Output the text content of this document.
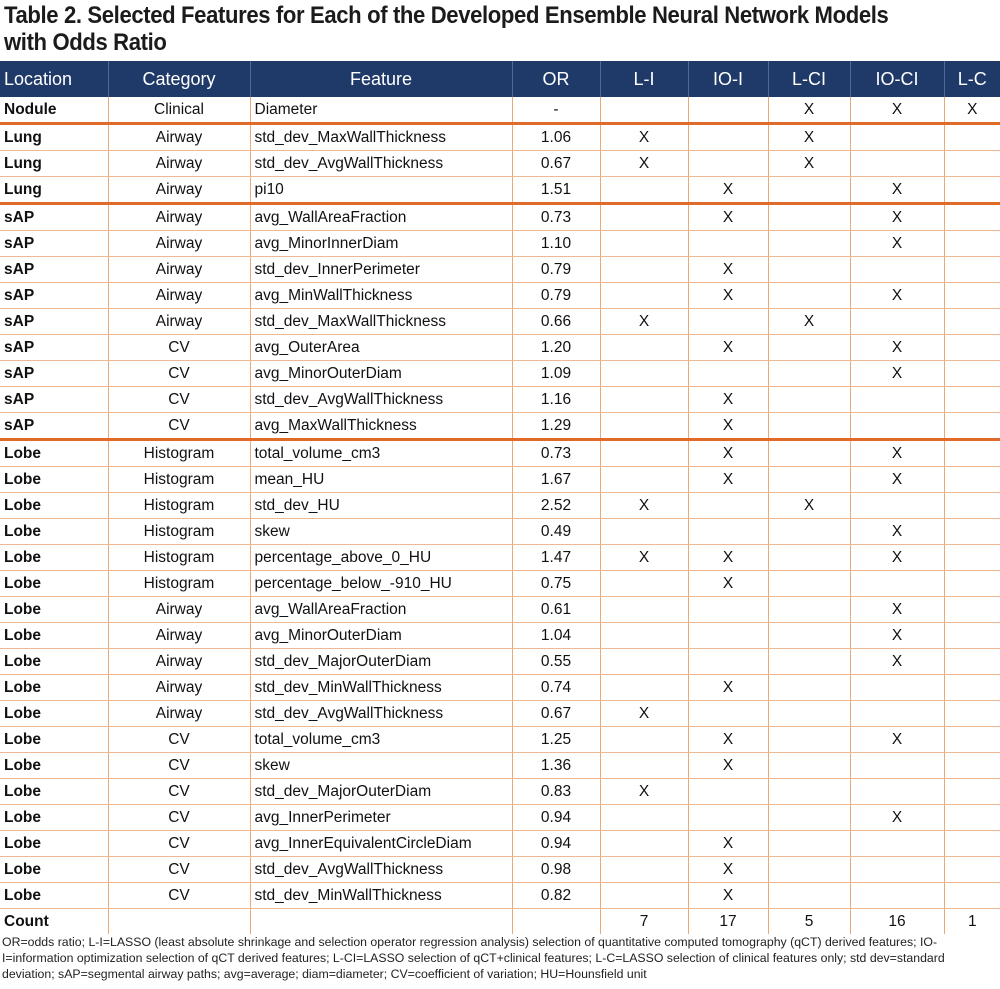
Table 2. Selected Features for Each of the Developed Ensemble Neural Network Models with Odds Ratio
Location	Category	Feature	OR	L-I	IO-I	L-CI	IO-CI	L-C
Nodule	Clinical	Diameter	-			X	X	X
Lung	Airway	std_dev_MaxWallThickness	1.06	X		X		
Lung	Airway	std_dev_AvgWallThickness	0.67	X		X		
Lung	Airway	pi10	1.51		X		X	
sAP	Airway	avg_WallAreaFraction	0.73		X		X	
sAP	Airway	avg_MinorInnerDiam	1.10				X	
sAP	Airway	std_dev_InnerPerimeter	0.79		X			
sAP	Airway	avg_MinWallThickness	0.79		X		X	
sAP	Airway	std_dev_MaxWallThickness	0.66	X		X		
sAP	CV	avg_OuterArea	1.20		X		X	
sAP	CV	avg_MinorOuterDiam	1.09				X	
sAP	CV	std_dev_AvgWallThickness	1.16		X			
sAP	CV	avg_MaxWallThickness	1.29		X			
Lobe	Histogram	total_volume_cm3	0.73		X		X	
Lobe	Histogram	mean_HU	1.67		X		X	
Lobe	Histogram	std_dev_HU	2.52	X		X		
Lobe	Histogram	skew	0.49				X	
Lobe	Histogram	percentage_above_0_HU	1.47	X	X		X	
Lobe	Histogram	percentage_below_-910_HU	0.75		X			
Lobe	Airway	avg_WallAreaFraction	0.61				X	
Lobe	Airway	avg_MinorOuterDiam	1.04				X	
Lobe	Airway	std_dev_MajorOuterDiam	0.55				X	
Lobe	Airway	std_dev_MinWallThickness	0.74		X			
Lobe	Airway	std_dev_AvgWallThickness	0.67	X				
Lobe	CV	total_volume_cm3	1.25		X		X	
Lobe	CV	skew	1.36		X			
Lobe	CV	std_dev_MajorOuterDiam	0.83	X				
Lobe	CV	avg_InnerPerimeter	0.94				X	
Lobe	CV	avg_InnerEquivalentCircleDiam	0.94		X			
Lobe	CV	std_dev_AvgWallThickness	0.98		X			
Lobe	CV	std_dev_MinWallThickness	0.82		X			
Count				7	17	5	16	1
OR=odds ratio; L-I=LASSO (least absolute shrinkage and selection operator regression analysis) selection of quantitative computed tomography (qCT) derived features; IO-I=information optimization selection of qCT derived features; L-CI=LASSO selection of qCT+clinical features; L-C=LASSO selection of clinical features only; std dev=standard deviation; sAP=segmental airway paths; avg=average; diam=diameter; CV=coefficient of variation; HU=Hounsfield unit
